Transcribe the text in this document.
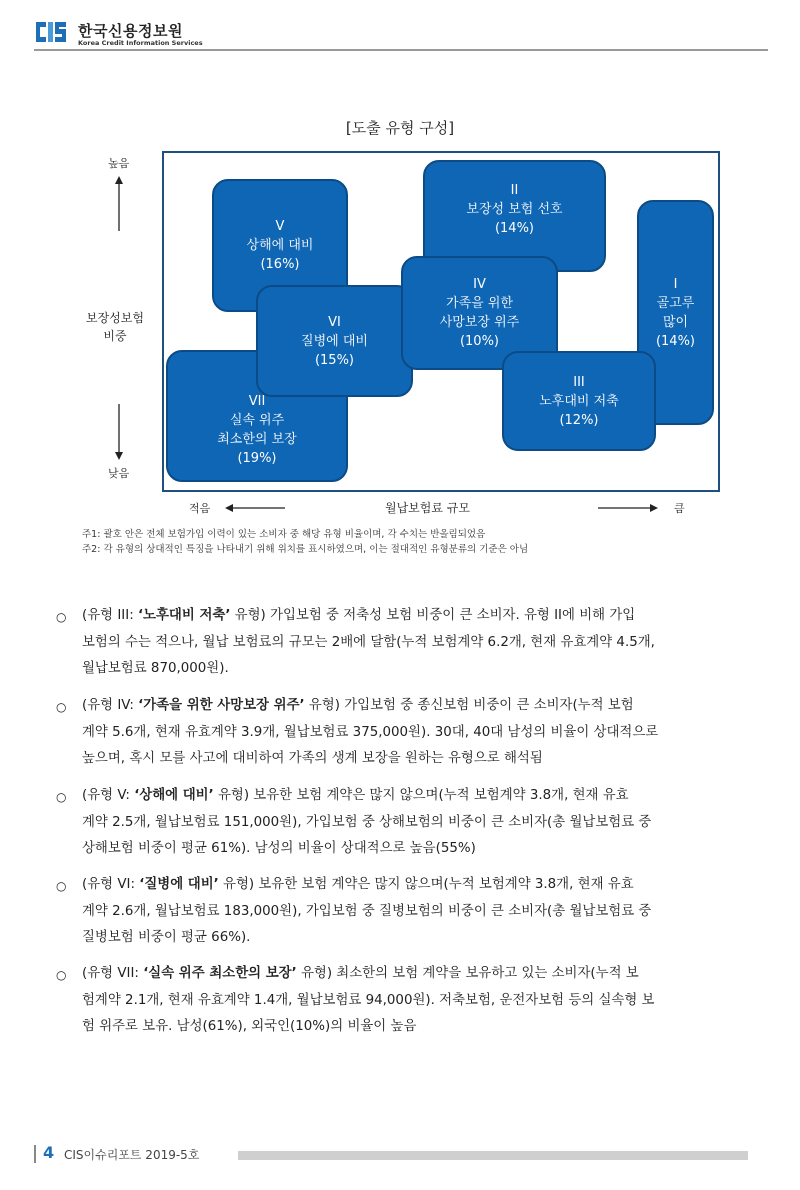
한국신용정보원
Korea Credit Information Services
[도출 유형 구성]
높음
보장성보험
비중
낮음
V
상해에 대비
(16%)
II
보장성 보험 선호
(14%)
I
골고루
많이
(14%)
VII
실속 위주
최소한의 보장
(19%)
VI
질병에 대비
(15%)
IV
가족을 위한
사망보장 위주
(10%)
III
노후대비 저축
(12%)
적음	월납보험료 규모	큼
주1: 괄호 안은 전체 보험가입 이력이 있는 소비자 중 해당 유형 비율이며, 각 수치는 반올림되었음
주2: 각 유형의 상대적인 특징을 나타내기 위해 위치를 표시하였으며, 이는 절대적인 유형분류의 기준은 아님
○ (유형 III: ‘노후대비 저축’ 유형) 가입보험 중 저축성 보험 비중이 큰 소비자. 유형 II에 비해 가입
보험의 수는 적으나, 월납 보험료의 규모는 2배에 달함(누적 보험계약 6.2개, 현재 유효계약 4.5개,
월납보험료 870,000원).
○ (유형 IV: ‘가족을 위한 사망보장 위주’ 유형) 가입보험 중 종신보험 비중이 큰 소비자(누적 보험
계약 5.6개, 현재 유효계약 3.9개, 월납보험료 375,000원). 30대, 40대 남성의 비율이 상대적으로
높으며, 혹시 모를 사고에 대비하여 가족의 생계 보장을 원하는 유형으로 해석됨
○ (유형 V: ‘상해에 대비’ 유형) 보유한 보험 계약은 많지 않으며(누적 보험계약 3.8개, 현재 유효
계약 2.5개, 월납보험료 151,000원), 가입보험 중 상해보험의 비중이 큰 소비자(총 월납보험료 중
상해보험 비중이 평균 61%). 남성의 비율이 상대적으로 높음(55%)
○ (유형 VI: ‘질병에 대비’ 유형) 보유한 보험 계약은 많지 않으며(누적 보험계약 3.8개, 현재 유효
계약 2.6개, 월납보험료 183,000원), 가입보험 중 질병보험의 비중이 큰 소비자(총 월납보험료 중
질병보험 비중이 평균 66%).
○ (유형 VII: ‘실속 위주 최소한의 보장’ 유형) 최소한의 보험 계약을 보유하고 있는 소비자(누적 보
험계약 2.1개, 현재 유효계약 1.4개, 월납보험료 94,000원). 저축보험, 운전자보험 등의 실속형 보
험 위주로 보유. 남성(61%), 외국인(10%)의 비율이 높음
4 CIS이슈리포트 2019-5호
